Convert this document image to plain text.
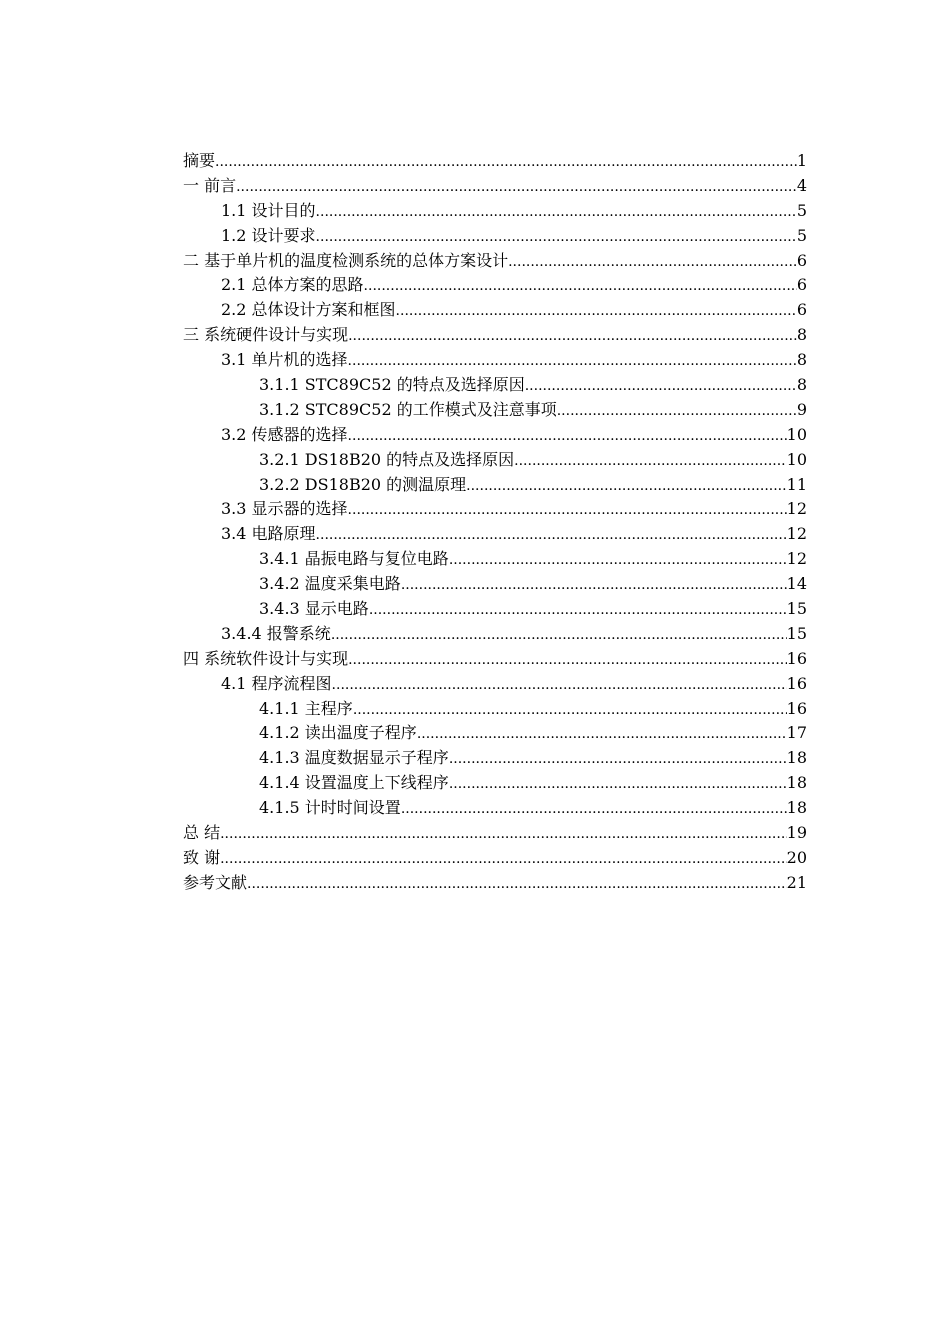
摘要 .....	1
一 前言 .....	4
1.1 设计目的 .....	5
1.2 设计要求 .....	5
二 基于单片机的温度检测系统的总体方案设计 .....	6
2.1 总体方案的思路 .....	6
2.2 总体设计方案和框图 .....	6
三 系统硬件设计与实现 .....	8
3.1 单片机的选择 .....	8
3.1.1 STC89C52 的特点及选择原因 .....	8
3.1.2 STC89C52 的工作模式及注意事项 .....	9
3.2 传感器的选择 .....	10
3.2.1 DS18B20 的特点及选择原因 .....	10
3.2.2 DS18B20 的测温原理 .....	11
3.3 显示器的选择 .....	12
3.4 电路原理 .....	12
3.4.1 晶振电路与复位电路 .....	12
3.4.2 温度采集电路 .....	14
3.4.3 显示电路 .....	15
3.4.4 报警系统 .....	15
四 系统软件设计与实现 .....	16
4.1 程序流程图 .....	16
4.1.1 主程序 .....	16
4.1.2 读出温度子程序 .....	17
4.1.3 温度数据显示子程序 .....	18
4.1.4 设置温度上下线程序 .....	18
4.1.5 计时时间设置 .....	18
总 结 .....	19
致 谢 .....	20
参考文献 .....	21
